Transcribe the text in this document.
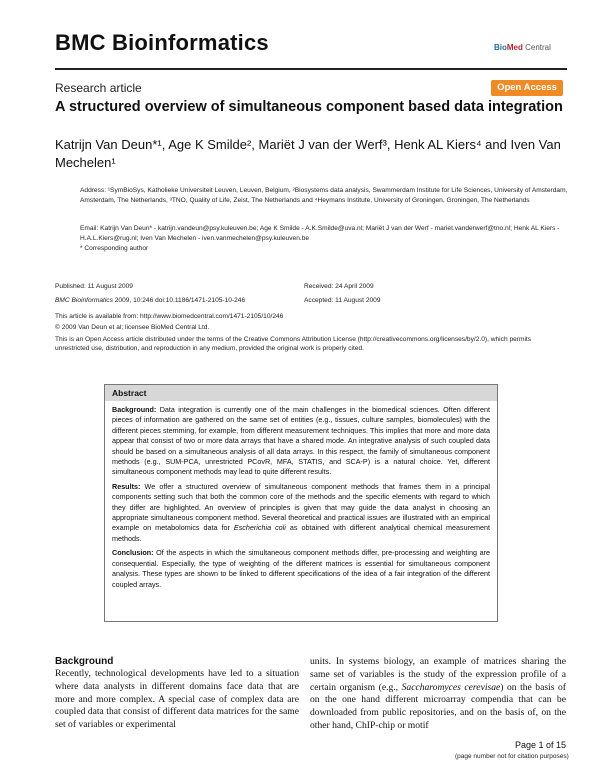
BMC Bioinformatics	BioMed Central
Research article	Open Access
A structured overview of simultaneous component based data integration
Katrijn Van Deun*¹, Age K Smilde², Mariët J van der Werf³, Henk AL Kiers⁴ and Iven Van Mechelen¹
Address: ¹SymBioSys, Katholieke Universiteit Leuven, Leuven, Belgium, ²Biosystems data analysis, Swammerdam Institute for Life Sciences, University of Amsterdam, Amsterdam, The Netherlands, ³TNO, Quality of Life, Zeist, The Netherlands and ⁴Heymans Institute, University of Groningen, Groningen, The Netherlands
Email: Katrijn Van Deun* - katrijn.vandeun@psy.kuleuven.be; Age K Smilde - A.K.Smilde@uva.nl; Mariët J van der Werf - mariet.vanderwerf@tno.nl; Henk AL Kiers - H.A.L.Kiers@rug.nl; Iven Van Mechelen - iven.vanmechelen@psy.kuleuven.be
* Corresponding author
Published: 11 August 2009
BMC Bioinformatics 2009, 10:246 doi:10.1186/1471-2105-10-246
Received: 24 April 2009
Accepted: 11 August 2009
This article is available from: http://www.biomedcentral.com/1471-2105/10/246
© 2009 Van Deun et al; licensee BioMed Central Ltd.
This is an Open Access article distributed under the terms of the Creative Commons Attribution License (http://creativecommons.org/licenses/by/2.0), which permits unrestricted use, distribution, and reproduction in any medium, provided the original work is properly cited.
Abstract
Background: Data integration is currently one of the main challenges in the biomedical sciences. Often different pieces of information are gathered on the same set of entities (e.g., tissues, culture samples, biomolecules) with the different pieces stemming, for example, from different measurement techniques. This implies that more and more data appear that consist of two or more data arrays that have a shared mode. An integrative analysis of such coupled data should be based on a simultaneous analysis of all data arrays. In this respect, the family of simultaneous component methods (e.g., SUM-PCA, unrestricted PCovR, MFA, STATIS, and SCA-P) is a natural choice. Yet, different simultaneous component methods may lead to quite different results.
Results: We offer a structured overview of simultaneous component methods that frames them in a principal components setting such that both the common core of the methods and the specific elements with regard to which they differ are highlighted. An overview of principles is given that may guide the data analyst in choosing an appropriate simultaneous component method. Several theoretical and practical issues are illustrated with an empirical example on metabolomics data for Escherichia coli as obtained with different analytical chemical measurement methods.
Conclusion: Of the aspects in which the simultaneous component methods differ, pre-processing and weighting are consequential. Especially, the type of weighting of the different matrices is essential for simultaneous component analysis. These types are shown to be linked to different specifications of the idea of a fair integration of the different coupled arrays.
Background
Recently, technological developments have led to a situation where data analysts in different domains face data that are more and more complex. A special case of complex data are coupled data that consist of different data matrices for the same set of variables or experimental
units. In systems biology, an example of matrices sharing the same set of variables is the study of the expression profile of a certain organism (e.g., Saccharomyces cerevisae) on the basis of on the one hand different microarray compendia that can be downloaded from public repositories, and on the basis of, on the other hand, ChIP-chip or motif
Page 1 of 15
(page number not for citation purposes)
